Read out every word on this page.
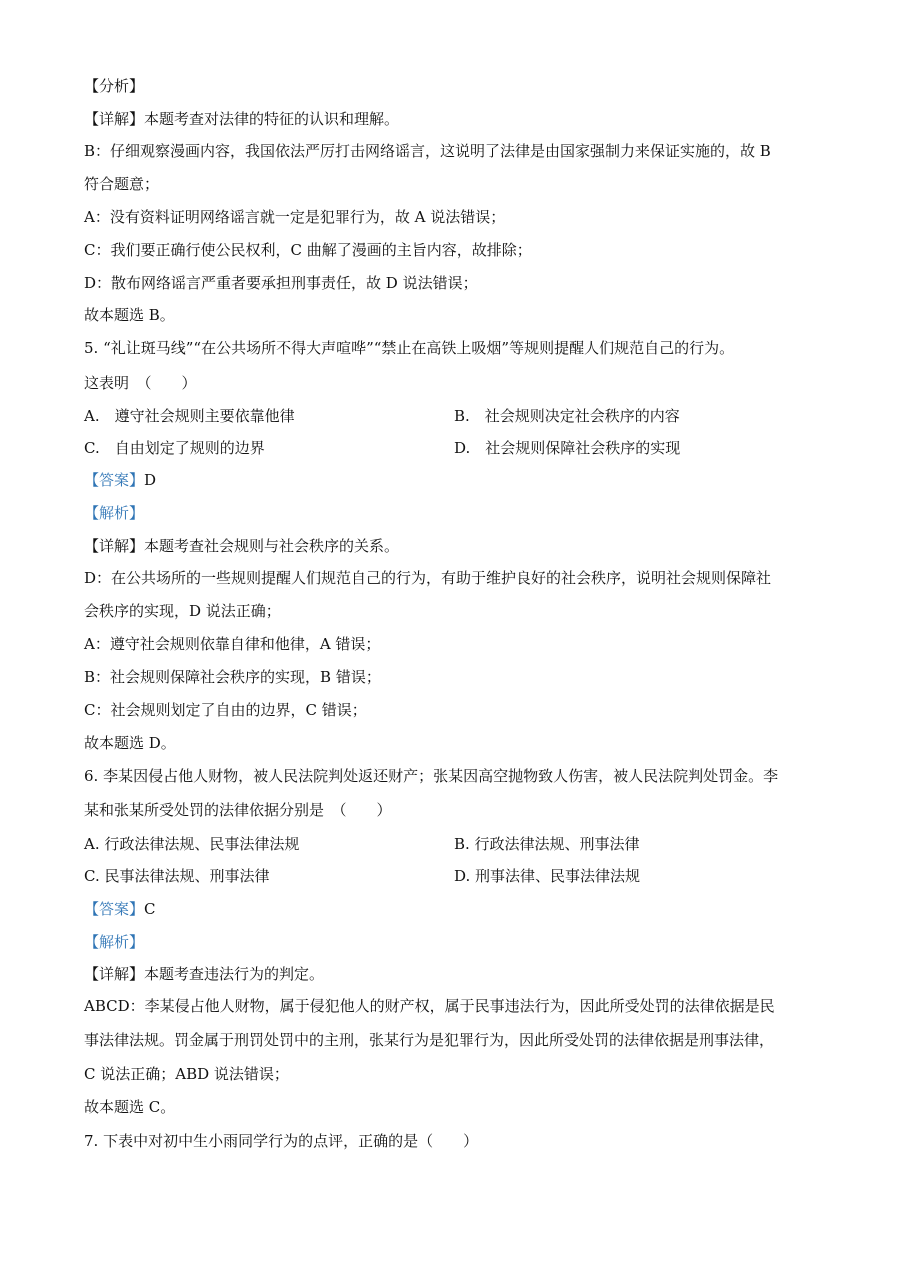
【分析】
【详解】本题考查对法律的特征的认识和理解。
B：仔细观察漫画内容，我国依法严厉打击网络谣言，这说明了法律是由国家强制力来保证实施的，故 B
符合题意；
A：没有资料证明网络谣言就一定是犯罪行为，故 A 说法错误；
C：我们要正确行使公民权利，C 曲解了漫画的主旨内容，故排除；
D：散布网络谣言严重者要承担刑事责任，故 D 说法错误；
故本题选 B。
5. “礼让斑马线”“在公共场所不得大声喧哗”“禁止在高铁上吸烟”等规则提醒人们规范自己的行为。
这表明　（　　）
A.　遵守社会规则主要依靠他律	B.　社会规则决定社会秩序的内容
C.　自由划定了规则的边界	D.　社会规则保障社会秩序的实现
【答案】D
【解析】
【详解】本题考查社会规则与社会秩序的关系。
D：在公共场所的一些规则提醒人们规范自己的行为，有助于维护良好的社会秩序，说明社会规则保障社
会秩序的实现，D 说法正确；
A：遵守社会规则依靠自律和他律，A 错误；
B：社会规则保障社会秩序的实现，B 错误；
C：社会规则划定了自由的边界，C 错误；
故本题选 D。
6. 李某因侵占他人财物，被人民法院判处返还财产；张某因高空抛物致人伤害，被人民法院判处罚金。李
某和张某所受处罚的法律依据分别是　（　　）
A. 行政法律法规、民事法律法规	B. 行政法律法规、刑事法律
C. 民事法律法规、刑事法律	D. 刑事法律、民事法律法规
【答案】C
【解析】
【详解】本题考查违法行为的判定。
ABCD：李某侵占他人财物，属于侵犯他人的财产权，属于民事违法行为，因此所受处罚的法律依据是民
事法律法规。罚金属于刑罚处罚中的主刑，张某行为是犯罪行为，因此所受处罚的法律依据是刑事法律，
C 说法正确；ABD 说法错误；
故本题选 C。
7. 下表中对初中生小雨同学行为的点评，正确的是（　　）
